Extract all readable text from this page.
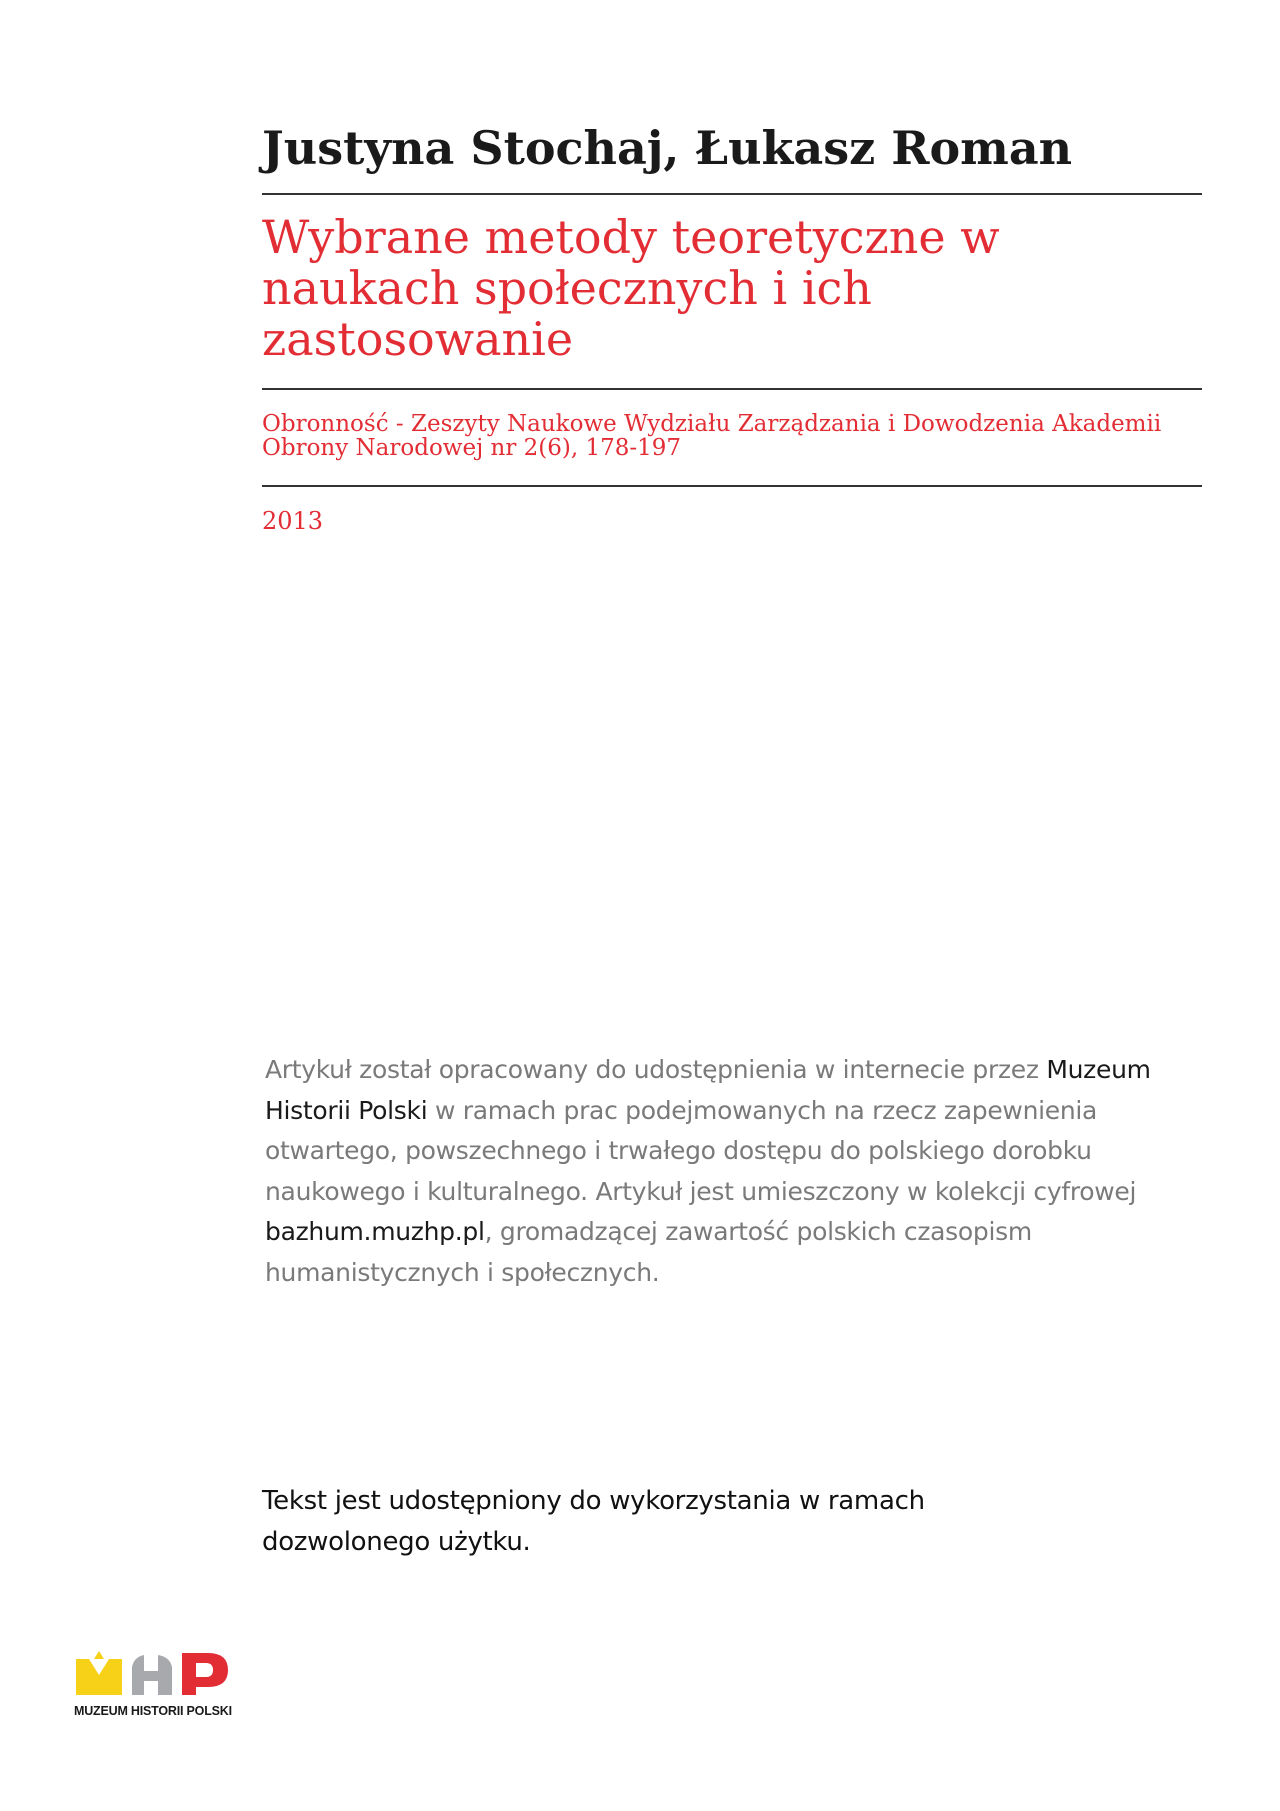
Justyna Stochaj, Łukasz Roman
Wybrane metody teoretyczne w naukach społecznych i ich zastosowanie

Obronność - Zeszyty Naukowe Wydziału Zarządzania i Dowodzenia Akademii Obrony Narodowej nr 2(6), 178-197

2013

Artykuł został opracowany do udostępnienia w internecie przez Muzeum Historii Polski w ramach prac podejmowanych na rzecz zapewnienia otwartego, powszechnego i trwałego dostępu do polskiego dorobku naukowego i kulturalnego. Artykuł jest umieszczony w kolekcji cyfrowej bazhum.muzhp.pl, gromadzącej zawartość polskich czasopism humanistycznych i społecznych.

Tekst jest udostępniony do wykorzystania w ramach dozwolonego użytku.

MUZEUM HISTORII POLSKI
